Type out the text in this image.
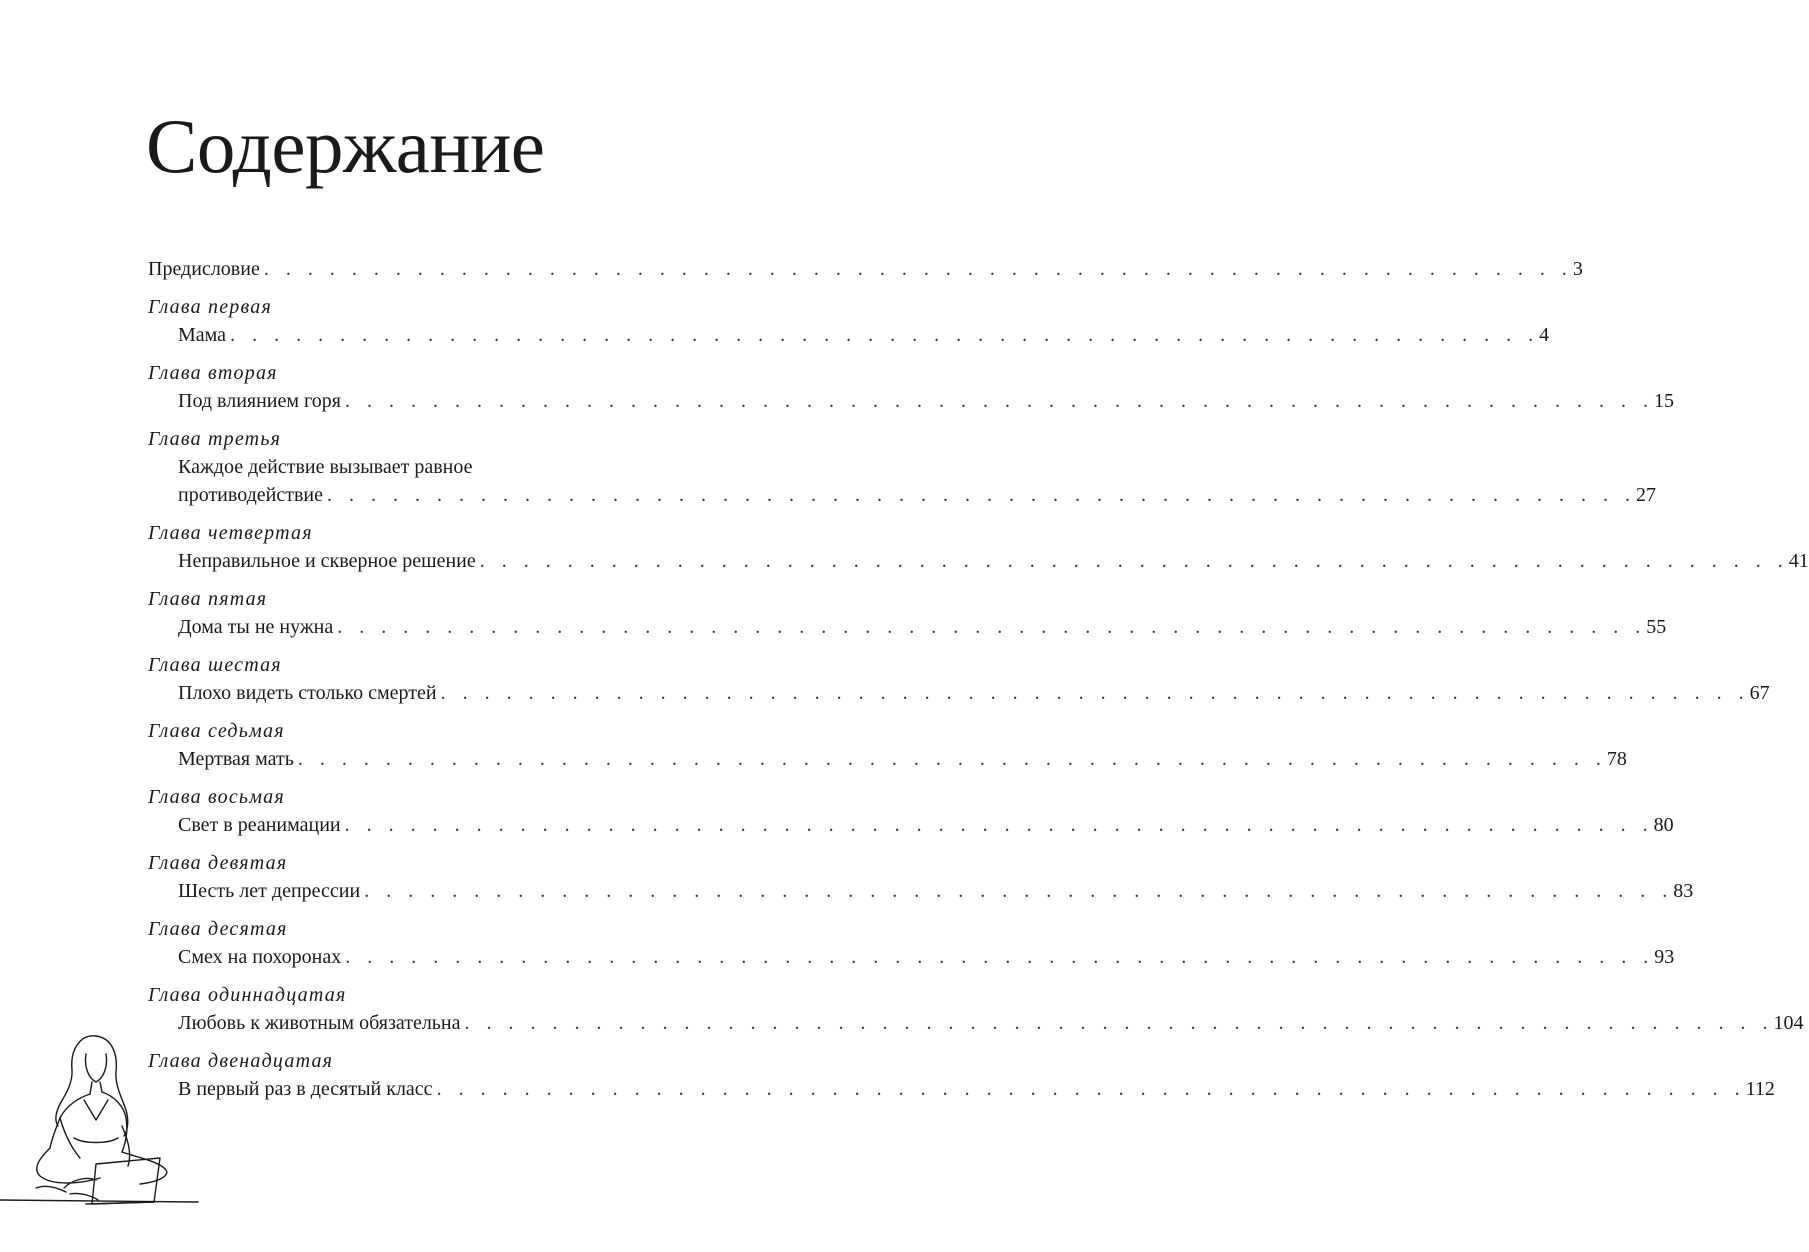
Содержание
Предисловие . . . . . . . . . . . . . . . . . . . . . . . . . . . . . . . . . . . . . . . . . . . . . . . . . . . . . . . . . . . . 3
Глава первая
Мама . . . . . . . . . . . . . . . . . . . . . . . . . . . . . . . . . . . . . . . . . . . . . . . . . . . . . . . . . . . . 4
Глава вторая
Под влиянием горя . . . . . . . . . . . . . . . . . . . . . . . . . . . . . . . . . . . . . . . . . . . . . . . . . . . . . . . . . . . . 15
Глава третья
Каждое действие вызывает равное
противодействие . . . . . . . . . . . . . . . . . . . . . . . . . . . . . . . . . . . . . . . . . . . . . . . . . . . . . . . . . . . . 27
Глава четвертая
Неправильное и скверное решение . . . . . . . . . . . . . . . . . . . . . . . . . . . . . . . . . . . . . . . . . . . . . . . . . . . . . . . . . . . . 41
Глава пятая
Дома ты не нужна . . . . . . . . . . . . . . . . . . . . . . . . . . . . . . . . . . . . . . . . . . . . . . . . . . . . . . . . . . . . 55
Глава шестая
Плохо видеть столько смертей . . . . . . . . . . . . . . . . . . . . . . . . . . . . . . . . . . . . . . . . . . . . . . . . . . . . . . . . . . . . 67
Глава седьмая
Мертвая мать . . . . . . . . . . . . . . . . . . . . . . . . . . . . . . . . . . . . . . . . . . . . . . . . . . . . . . . . . . . . 78
Глава восьмая
Свет в реанимации . . . . . . . . . . . . . . . . . . . . . . . . . . . . . . . . . . . . . . . . . . . . . . . . . . . . . . . . . . . . 80
Глава девятая
Шесть лет депрессии . . . . . . . . . . . . . . . . . . . . . . . . . . . . . . . . . . . . . . . . . . . . . . . . . . . . . . . . . . . . 83
Глава десятая
Смех на похоронах . . . . . . . . . . . . . . . . . . . . . . . . . . . . . . . . . . . . . . . . . . . . . . . . . . . . . . . . . . . . 93
Глава одиннадцатая
Любовь к животным обязательна . . . . . . . . . . . . . . . . . . . . . . . . . . . . . . . . . . . . . . . . . . . . . . . . . . . . . . . . . . . . 104
Глава двенадцатая
В первый раз в десятый класс . . . . . . . . . . . . . . . . . . . . . . . . . . . . . . . . . . . . . . . . . . . . . . . . . . . . . . . . . . . . 112
